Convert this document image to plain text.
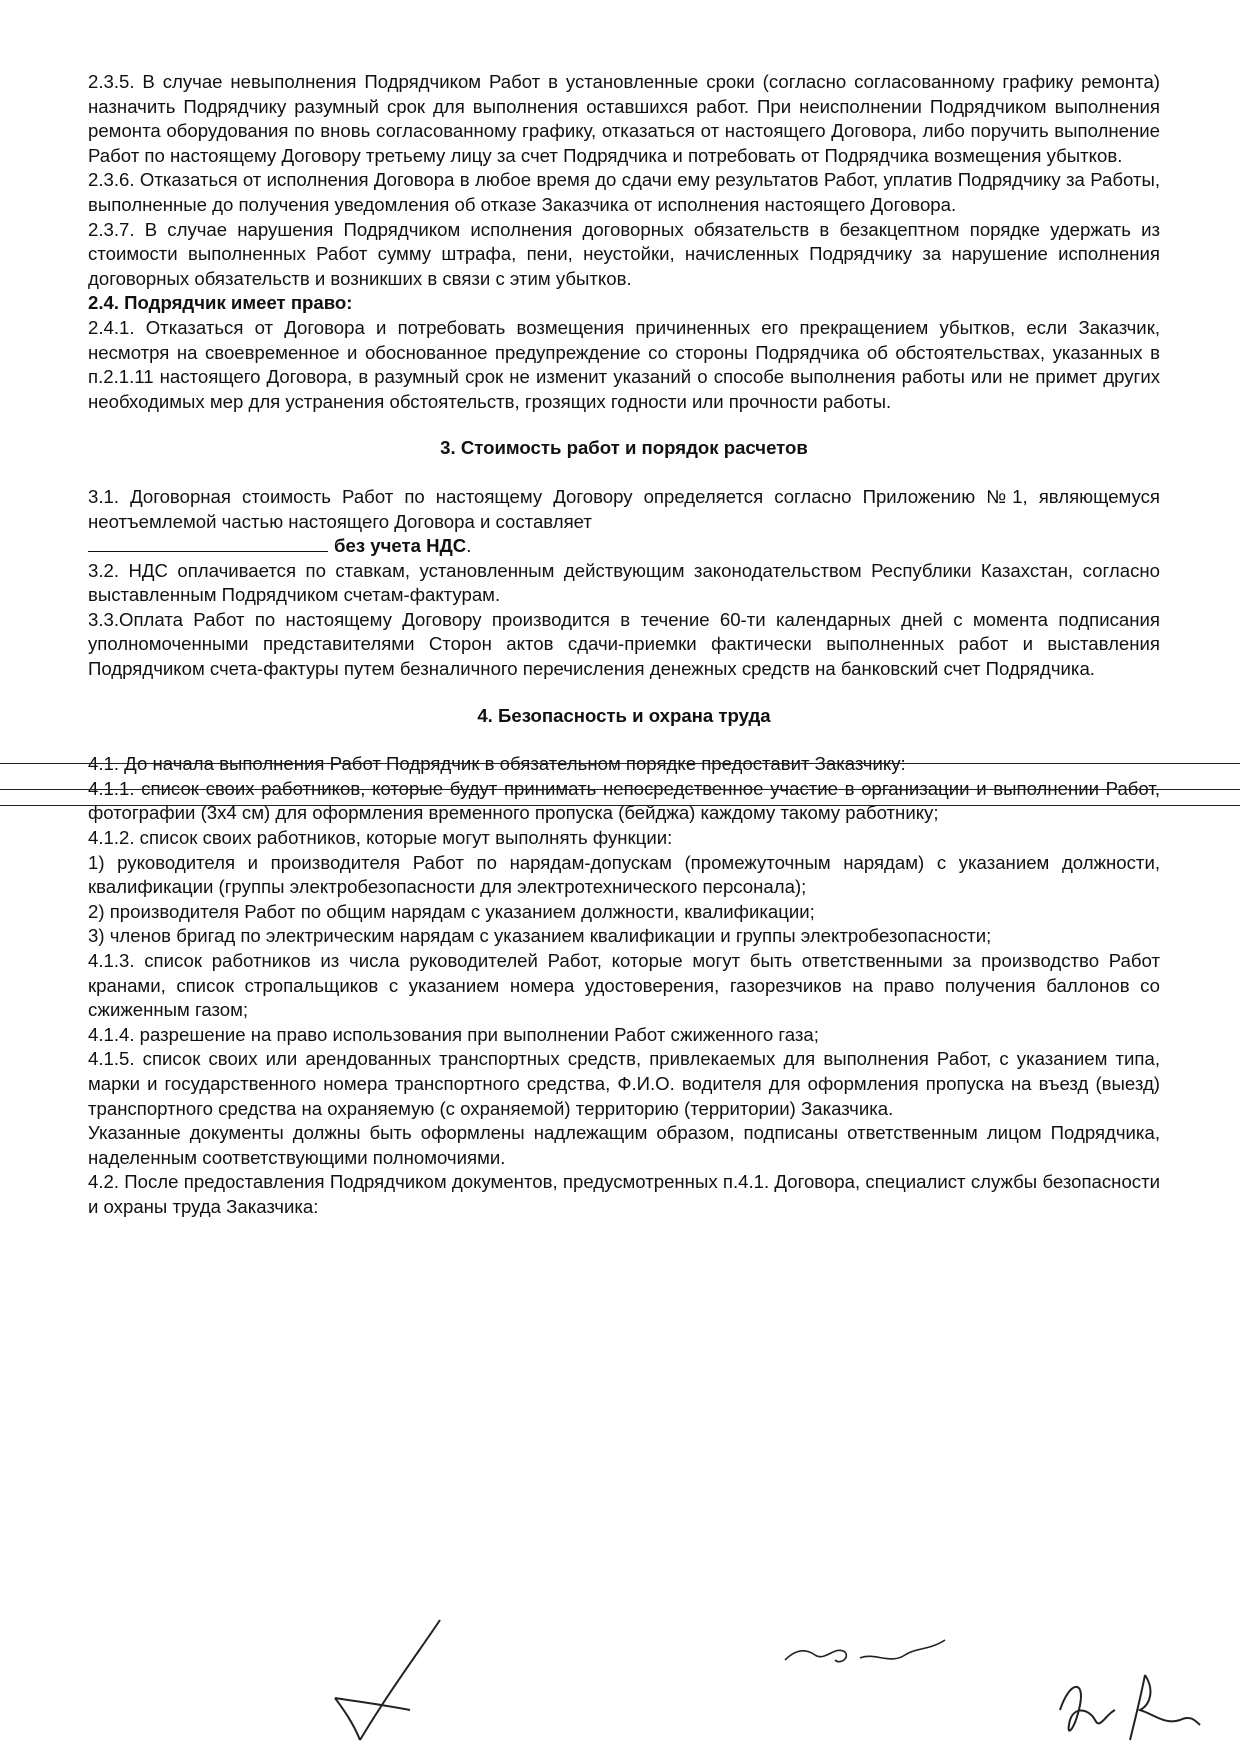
2.3.5. В случае невыполнения Подрядчиком Работ в установленные сроки (согласно согласованному графику ремонта) назначить Подрядчику разумный срок для выполнения оставшихся работ. При неисполнении Подрядчиком выполнения ремонта оборудования по вновь согласованному графику, отказаться от настоящего Договора, либо поручить выполнение Работ по настоящему Договору третьему лицу за счет Подрядчика и потребовать от Подрядчика возмещения убытков.

2.3.6. Отказаться от исполнения Договора в любое время до сдачи ему результатов Работ, уплатив Подрядчику за Работы, выполненные до получения уведомления об отказе Заказчика от исполнения настоящего Договора.

2.3.7. В случае нарушения Подрядчиком исполнения договорных обязательств в безакцептном порядке удержать из стоимости выполненных Работ сумму штрафа, пени, неустойки, начисленных Подрядчику за нарушение исполнения договорных обязательств и возникших в связи с этим убытков.

2.4. Подрядчик имеет право:

2.4.1. Отказаться от Договора и потребовать возмещения причиненных его прекращением убытков, если Заказчик, несмотря на своевременное и обоснованное предупреждение со стороны Подрядчика об обстоятельствах, указанных в п.2.1.11 настоящего Договора, в разумный срок не изменит указаний о способе выполнения работы или не примет других необходимых мер для устранения обстоятельств, грозящих годности или прочности работы.

3. Стоимость работ и порядок расчетов

3.1. Договорная стоимость Работ по настоящему Договору определяется согласно Приложению №1, являющемуся неотъемлемой частью настоящего Договора и составляет
без учета НДС.

3.2. НДС оплачивается по ставкам, установленным действующим законодательством Республики Казахстан, согласно выставленным Подрядчиком счетам-фактурам.

3.3.Оплата Работ по настоящему Договору производится в течение 60-ти календарных дней с момента подписания уполномоченными представителями Сторон актов сдачи-приемки фактически выполненных работ и выставления Подрядчиком счета-фактуры путем безналичного перечисления денежных средств на банковский счет Подрядчика.

4. Безопасность и охрана труда

4.1. До начала выполнения Работ Подрядчик в обязательном порядке предоставит Заказчику:

4.1.1. список своих работников, которые будут принимать непосредственное участие в организации и выполнении Работ, фотографии (3х4 см) для оформления временного пропуска (бейджа) каждому такому работнику;

4.1.2. список своих работников, которые могут выполнять функции:

1) руководителя и производителя Работ по нарядам-допускам (промежуточным нарядам) с указанием должности, квалификации (группы электробезопасности для электротехнического персонала);

2) производителя Работ по общим нарядам с указанием должности, квалификации;

3) членов бригад по электрическим нарядам с указанием квалификации и группы электробезопасности;

4.1.3. список работников из числа руководителей Работ, которые могут быть ответственными за производство Работ кранами, список стропальщиков с указанием номера удостоверения, газорезчиков на право получения баллонов со сжиженным газом;

4.1.4. разрешение на право использования при выполнении Работ сжиженного газа;

4.1.5. список своих или арендованных транспортных средств, привлекаемых для выполнения Работ, с указанием типа, марки и государственного номера транспортного средства, Ф.И.О. водителя для оформления пропуска на въезд (выезд) транспортного средства на охраняемую (с охраняемой) территорию (территории) Заказчика.

Указанные документы должны быть оформлены надлежащим образом, подписаны ответственным лицом Подрядчика, наделенным соответствующими полномочиями.

4.2. После предоставления Подрядчиком документов, предусмотренных п.4.1. Договора, специалист службы безопасности и охраны труда Заказчика:
